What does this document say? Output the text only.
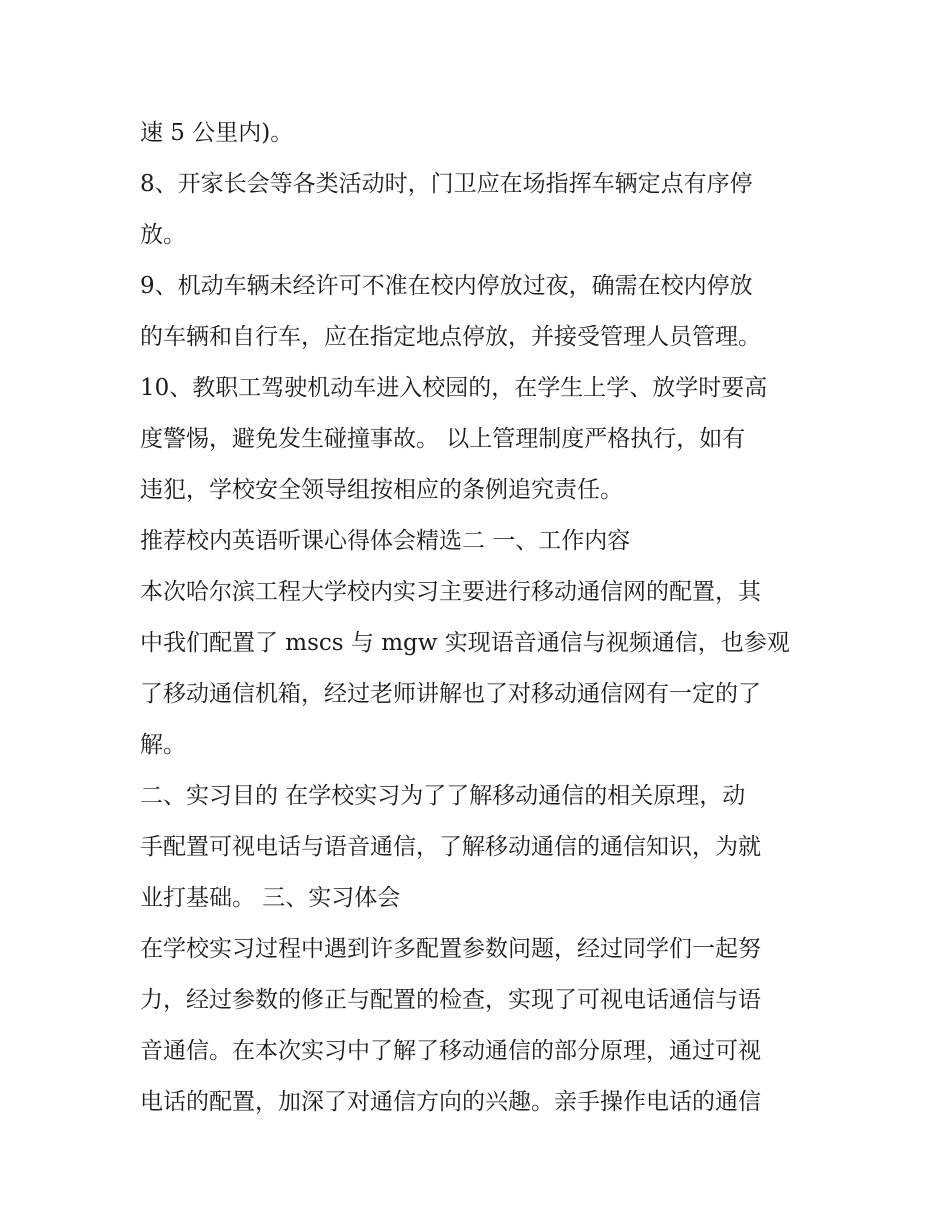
速 5 公里内)。
8、开家长会等各类活动时，门卫应在场指挥车辆定点有序停
放。
9、机动车辆未经许可不准在校内停放过夜，确需在校内停放
的车辆和自行车，应在指定地点停放，并接受管理人员管理。
10、教职工驾驶机动车进入校园的，在学生上学、放学时要高
度警惕，避免发生碰撞事故。 以上管理制度严格执行，如有
违犯，学校安全领导组按相应的条例追究责任。
推荐校内英语听课心得体会精选二 一、工作内容
本次哈尔滨工程大学校内实习主要进行移动通信网的配置，其
中我们配置了 mscs 与 mgw 实现语音通信与视频通信，也参观
了移动通信机箱，经过老师讲解也了对移动通信网有一定的了
解。
二、实习目的 在学校实习为了了解移动通信的相关原理，动
手配置可视电话与语音通信，了解移动通信的通信知识，为就
业打基础。 三、实习体会
在学校实习过程中遇到许多配置参数问题，经过同学们一起努
力，经过参数的修正与配置的检查，实现了可视电话通信与语
音通信。在本次实习中了解了移动通信的部分原理，通过可视
电话的配置，加深了对通信方向的兴趣。亲手操作电话的通信
